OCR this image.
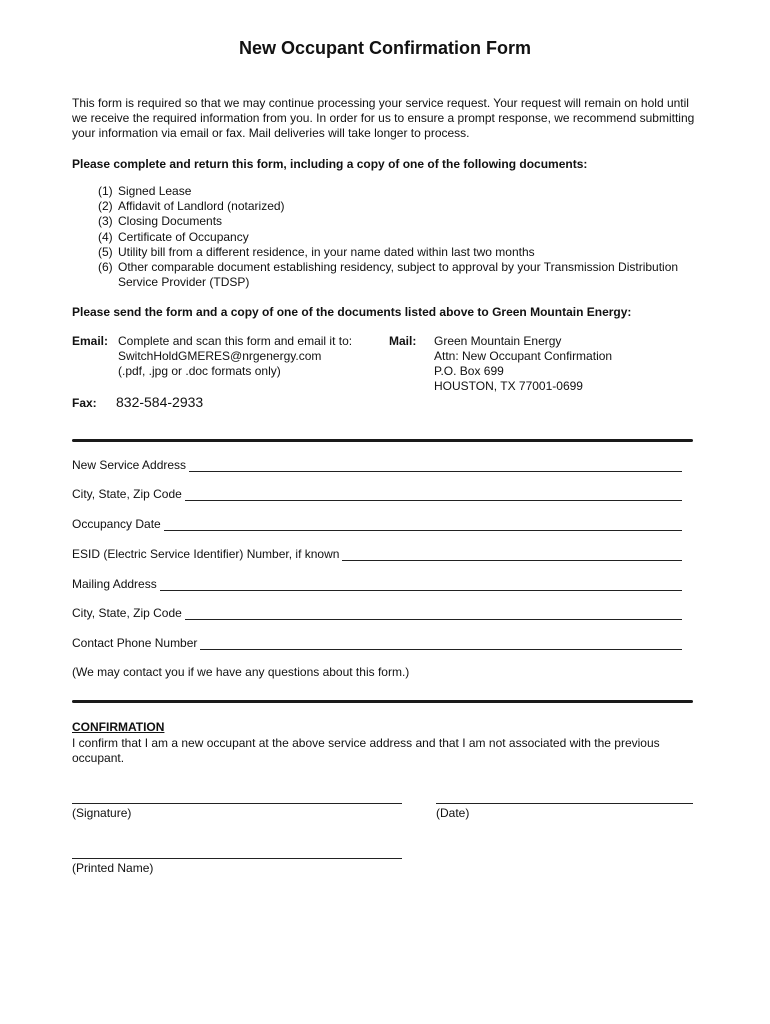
New Occupant Confirmation Form

This form is required so that we may continue processing your service request. Your request will remain on hold until we receive the required information from you. In order for us to ensure a prompt response, we recommend submitting your information via email or fax. Mail deliveries will take longer to process.

Please complete and return this form, including a copy of one of the following documents:

(1) Signed Lease
(2) Affidavit of Landlord (notarized)
(3) Closing Documents
(4) Certificate of Occupancy
(5) Utility bill from a different residence, in your name dated within last two months
(6) Other comparable document establishing residency, subject to approval by your Transmission Distribution Service Provider (TDSP)

Please send the form and a copy of one of the documents listed above to Green Mountain Energy:

Email: Complete and scan this form and email it to:
SwitchHoldGMERES@nrgenergy.com
(.pdf, .jpg or .doc formats only)
Mail: Green Mountain Energy
Attn: New Occupant Confirmation
P.O. Box 699
HOUSTON, TX 77001-0699
Fax: 832-584-2933
New Service Address
City, State, Zip Code
Occupancy Date
ESID (Electric Service Identifier) Number, if known
Mailing Address
City, State, Zip Code
Contact Phone Number

(We may contact you if we have any questions about this form.)

CONFIRMATION

I confirm that I am a new occupant at the above service address and that I am not associated with the previous occupant.

(Signature)	(Date)
(Printed Name)
